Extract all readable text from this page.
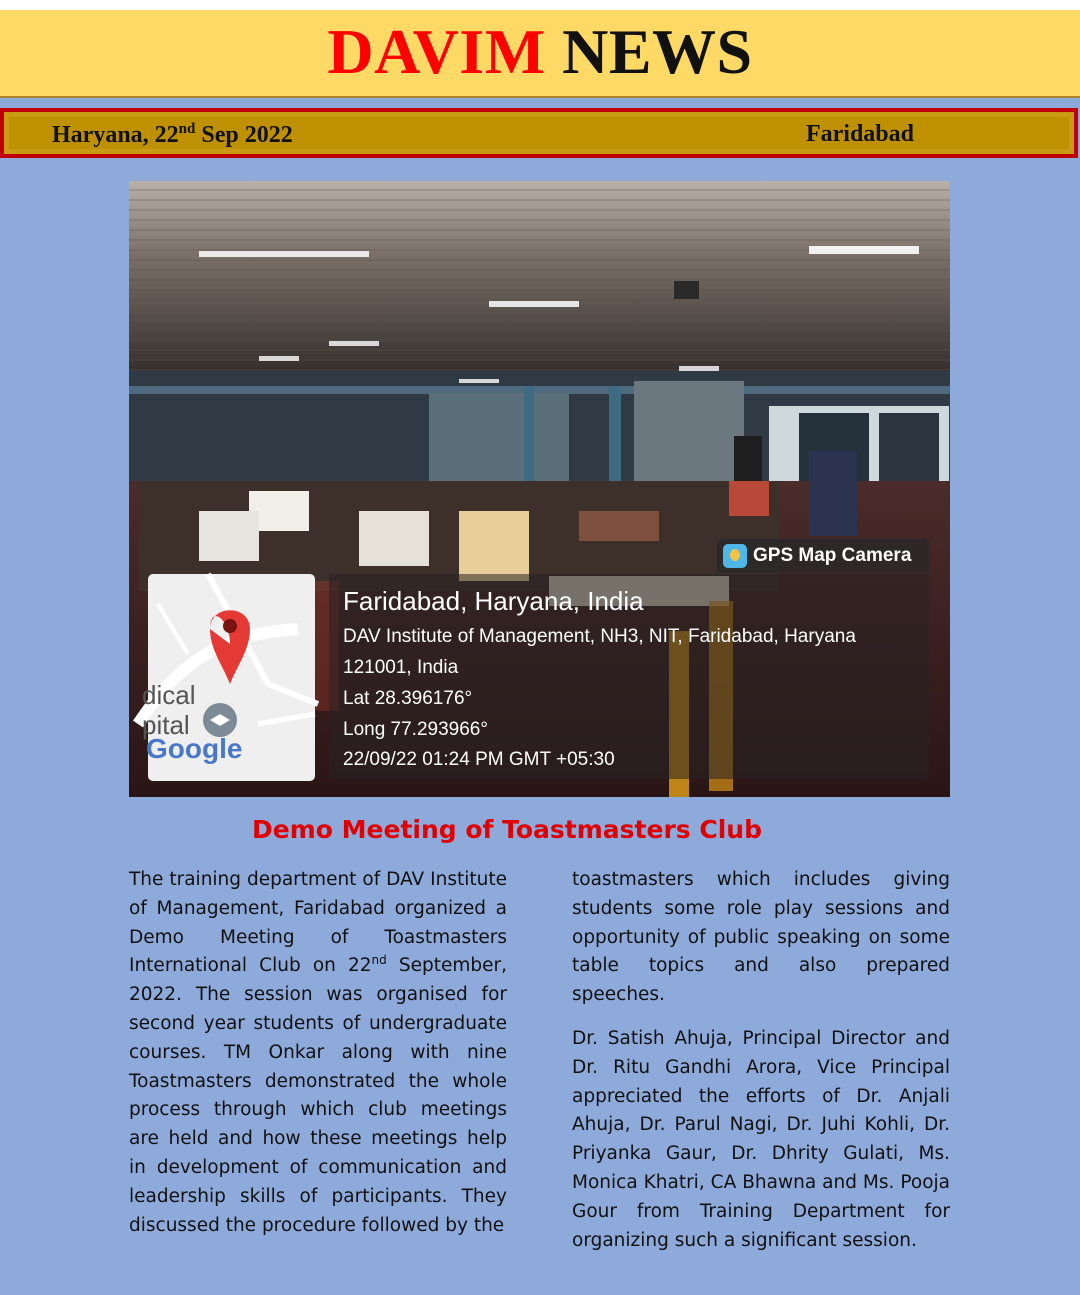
DAVIM NEWS
Haryana, 22nd Sep 2022	Faridabad
GPS Map Camera
dical
pital
Google
Faridabad, Haryana, India
DAV Institute of Management, NH3, NIT, Faridabad, Haryana
121001, India
Lat 28.396176°
Long 77.293966°
22/09/22 01:24 PM GMT +05:30
Demo Meeting of Toastmasters Club

The training department of DAV Institute of Management, Faridabad organized a Demo Meeting of Toastmasters International Club on 22nd September, 2022. The session was organised for second year students of undergraduate courses. TM Onkar along with nine Toastmasters demonstrated the whole process through which club meetings are held and how these meetings help in development of communication and leadership skills of participants. They discussed the procedure followed by the

toastmasters which includes giving students some role play sessions and opportunity of public speaking on some table topics and also prepared speeches.

Dr. Satish Ahuja, Principal Director and Dr. Ritu Gandhi Arora, Vice Principal appreciated the efforts of Dr. Anjali Ahuja, Dr. Parul Nagi, Dr. Juhi Kohli, Dr. Priyanka Gaur, Dr. Dhrity Gulati, Ms. Monica Khatri, CA Bhawna and Ms. Pooja Gour from Training Department for organizing such a significant session.
